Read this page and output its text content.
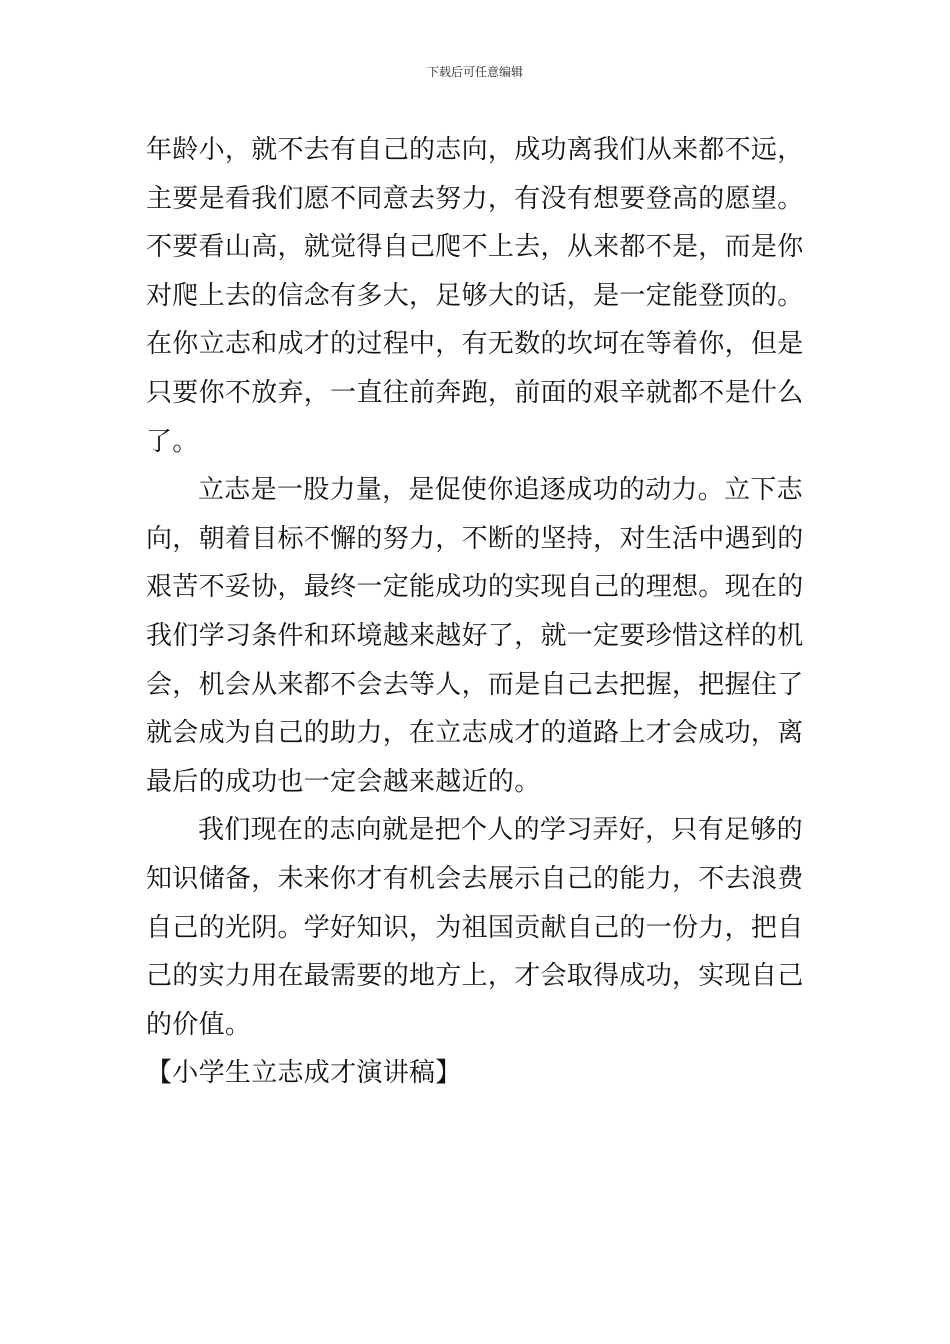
下载后可任意编辑
年龄小，就不去有自己的志向，成功离我们从来都不远，
主要是看我们愿不同意去努力，有没有想要登高的愿望。
不要看山高，就觉得自己爬不上去，从来都不是，而是你
对爬上去的信念有多大，足够大的话，是一定能登顶的。
在你立志和成才的过程中，有无数的坎坷在等着你，但是
只要你不放弃，一直往前奔跑，前面的艰辛就都不是什么
了。
立志是一股力量，是促使你追逐成功的动力。立下志
向，朝着目标不懈的努力，不断的坚持，对生活中遇到的
艰苦不妥协，最终一定能成功的实现自己的理想。现在的
我们学习条件和环境越来越好了，就一定要珍惜这样的机
会，机会从来都不会去等人，而是自己去把握，把握住了
就会成为自己的助力，在立志成才的道路上才会成功，离
最后的成功也一定会越来越近的。
我们现在的志向就是把个人的学习弄好，只有足够的
知识储备，未来你才有机会去展示自己的能力，不去浪费
自己的光阴。学好知识，为祖国贡献自己的一份力，把自
己的实力用在最需要的地方上，才会取得成功，实现自己
的价值。
【小学生立志成才演讲稿】
